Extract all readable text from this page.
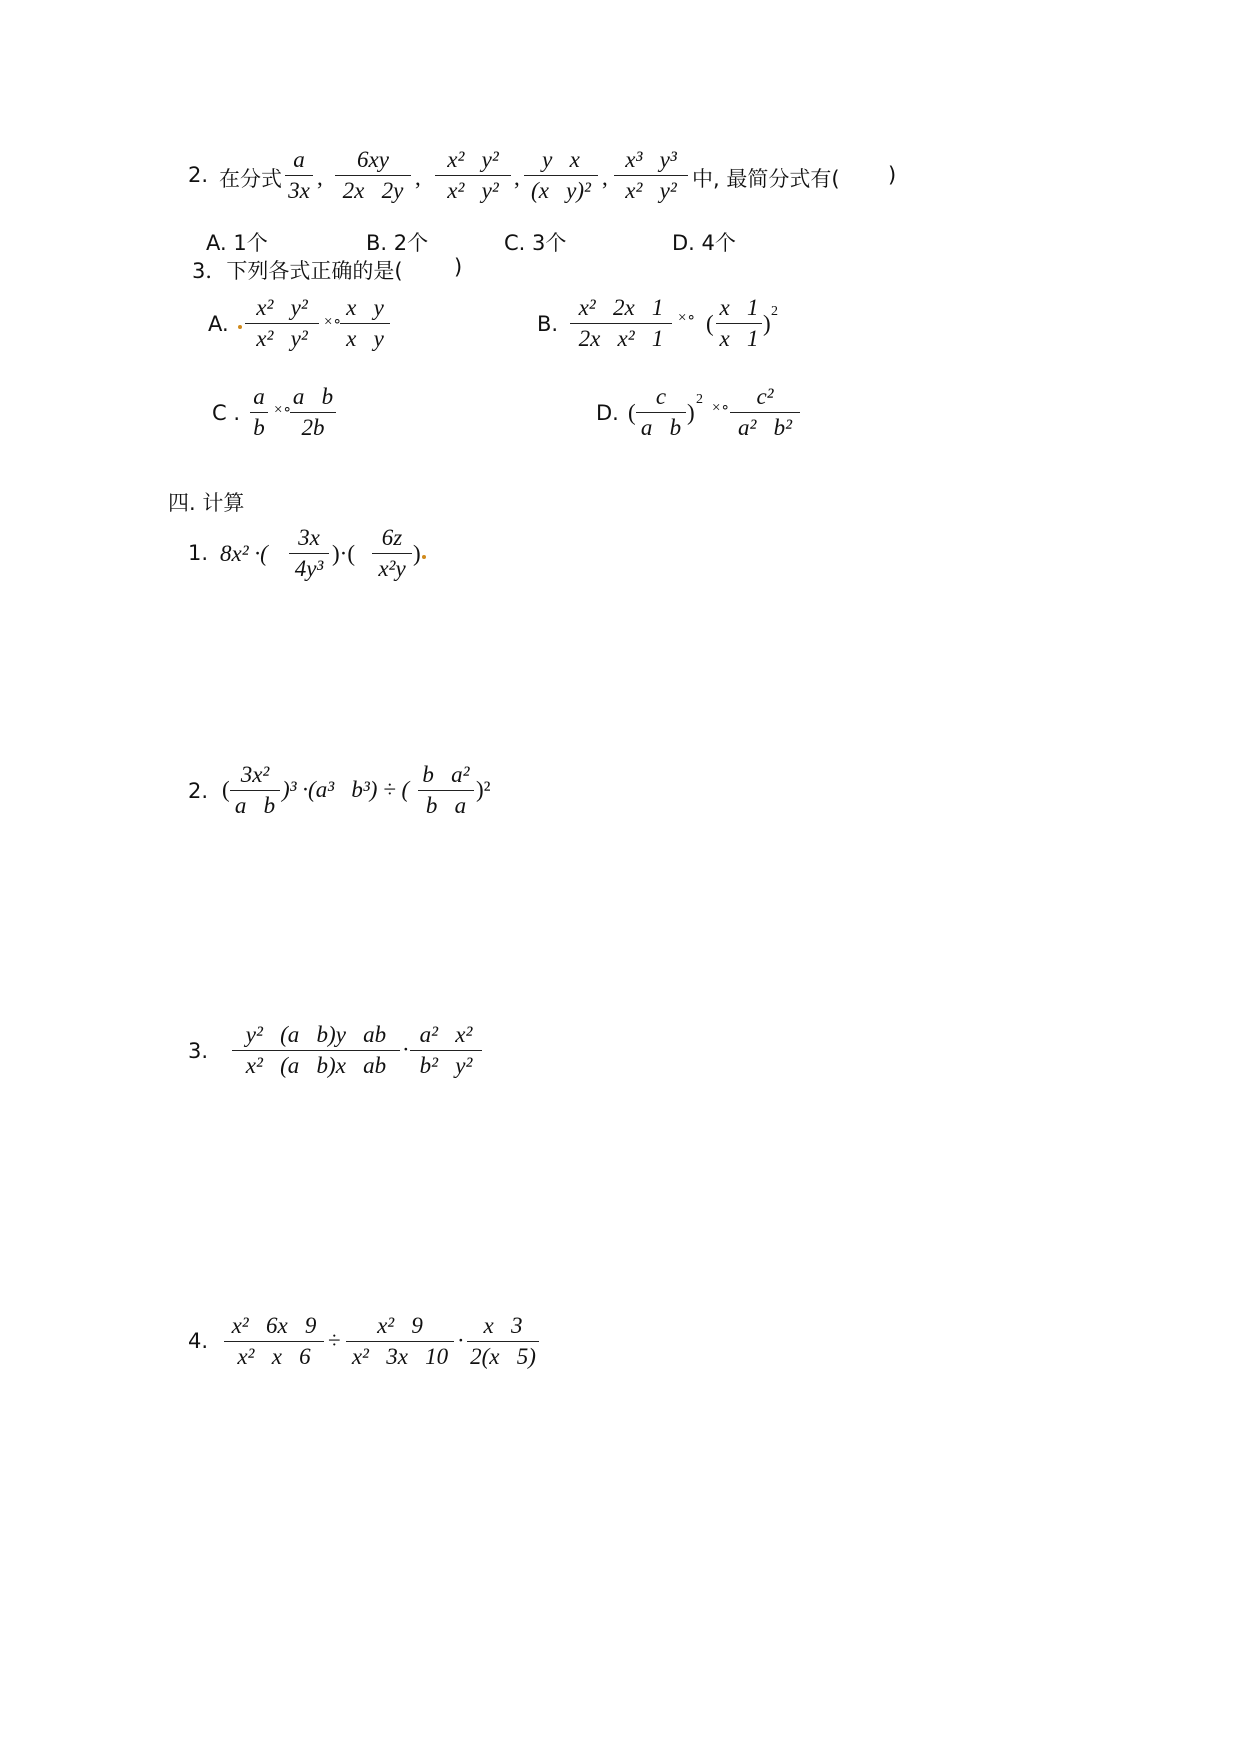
2. 在分式
a
3x
,
6xy
2x   2y
,
x²   y²
x²   y²
,
y   x
(x   y)²
,
x³   y³
x²   y² 中, 最简分式有( )
A. 1个	B. 2个	C. 3个	D. 4个
3．下列各式正确的是( )
A.
x²   y²
x²   y²
×∘
x   y
x   y
B.
x²   2x   1
2x   x²   1
×∘ (
x   1
x   1
) 2
C .
a
b
×∘
a   b
2b
D. (
c
a   b
)
2
×∘	c²
a²   b²
四. 计算
1. 8x² ·(
3x
4y³
)·(
6z
x²y
)
2. (
3x²
a   b
)³ ·(a³   b³) ÷ (
b   a²
b   a
)²
3.
y²   (a   b)y   ab
x²   (a   b)x   ab
·
a²   x²
b²   y²
4.
x²   6x   9
x²   x   6
÷
x²   9
x²   3x   10
·
x   3
2(x   5)
